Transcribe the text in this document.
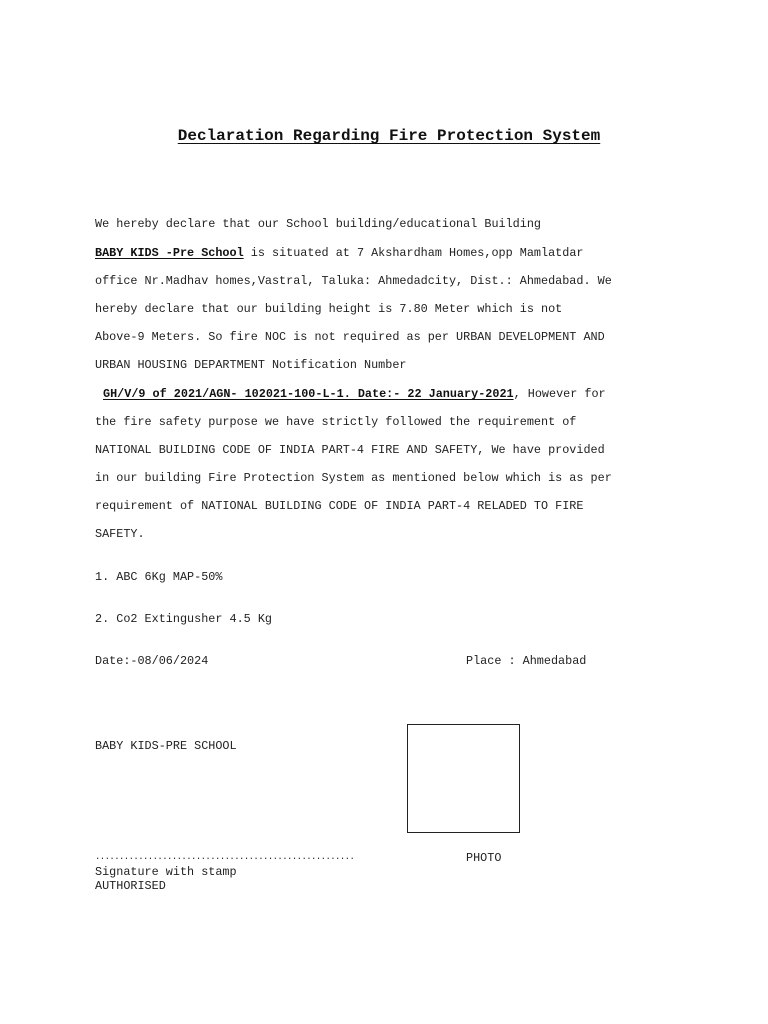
Declaration Regarding Fire Protection System
We hereby declare that our School building/educational Building
BABY KIDS -Pre School is situated at 7 Akshardham Homes,opp Mamlatdar
office Nr.Madhav homes,Vastral, Taluka: Ahmedadcity, Dist.: Ahmedabad. We
hereby declare that our building height is 7.80 Meter which is not
Above-9 Meters. So fire NOC is not required as per URBAN DEVELOPMENT AND
URBAN HOUSING DEPARTMENT Notification Number
GH/V/9 of 2021/AGN- 102021-100-L-1. Date:- 22 January-2021, However for
the fire safety purpose we have strictly followed the requirement of
NATIONAL BUILDING CODE OF INDIA PART-4 FIRE AND SAFETY, We have provided
in our building Fire Protection System as mentioned below which is as per
requirement of NATIONAL BUILDING CODE OF INDIA PART-4 RELADED TO FIRE
SAFETY.
1. ABC 6Kg MAP-50%
2. Co2 Extingusher 4.5 Kg
Date:-08/06/2024	Place : Ahmedabad
BABY KIDS-PRE SCHOOL
......................................................	PHOTO
Signature with stamp
AUTHORISED
